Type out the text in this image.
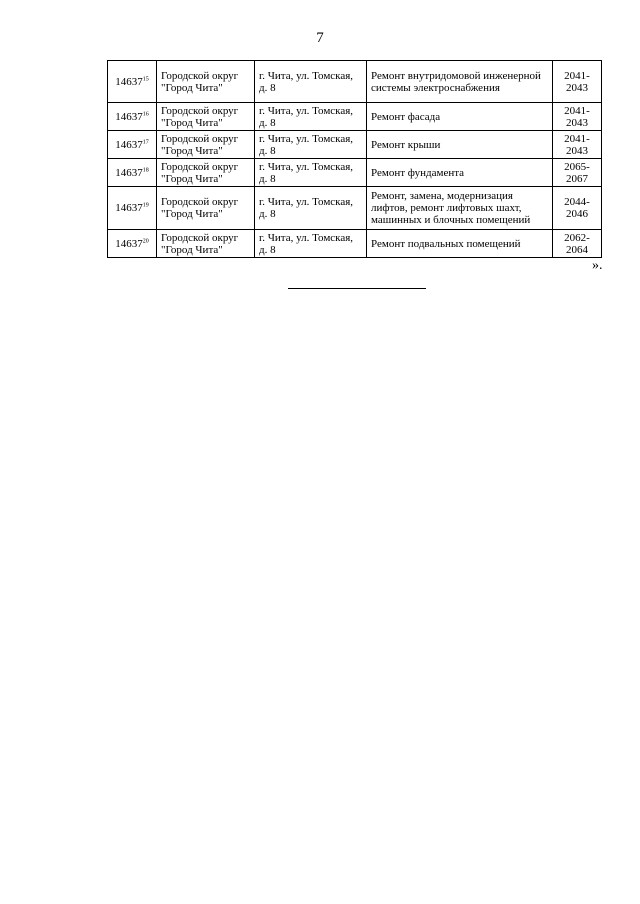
7
14637$^{15}$	Городской округ "Город Чита"	г. Чита, ул. Томская, д. 8	Ремонт внутридомовой инженерной системы электроснабжения	2041-2043
14637$^{16}$	Городской округ "Город Чита"	г. Чита, ул. Томская, д. 8	Ремонт фасада	2041-2043
14637$^{17}$	Городской округ "Город Чита"	г. Чита, ул. Томская, д. 8	Ремонт крыши	2041-2043
14637$^{18}$	Городской округ "Город Чита"	г. Чита, ул. Томская, д. 8	Ремонт фундамента	2065-2067
14637$^{19}$	Городской округ "Город Чита"	г. Чита, ул. Томская, д. 8	Ремонт, замена, модернизация лифтов, ремонт лифтовых шахт, машинных и блочных помещений	2044-2046
14637$^{20}$	Городской округ "Город Чита"	г. Чита, ул. Томская, д. 8	Ремонт подвальных помещений	2062-2064
».
